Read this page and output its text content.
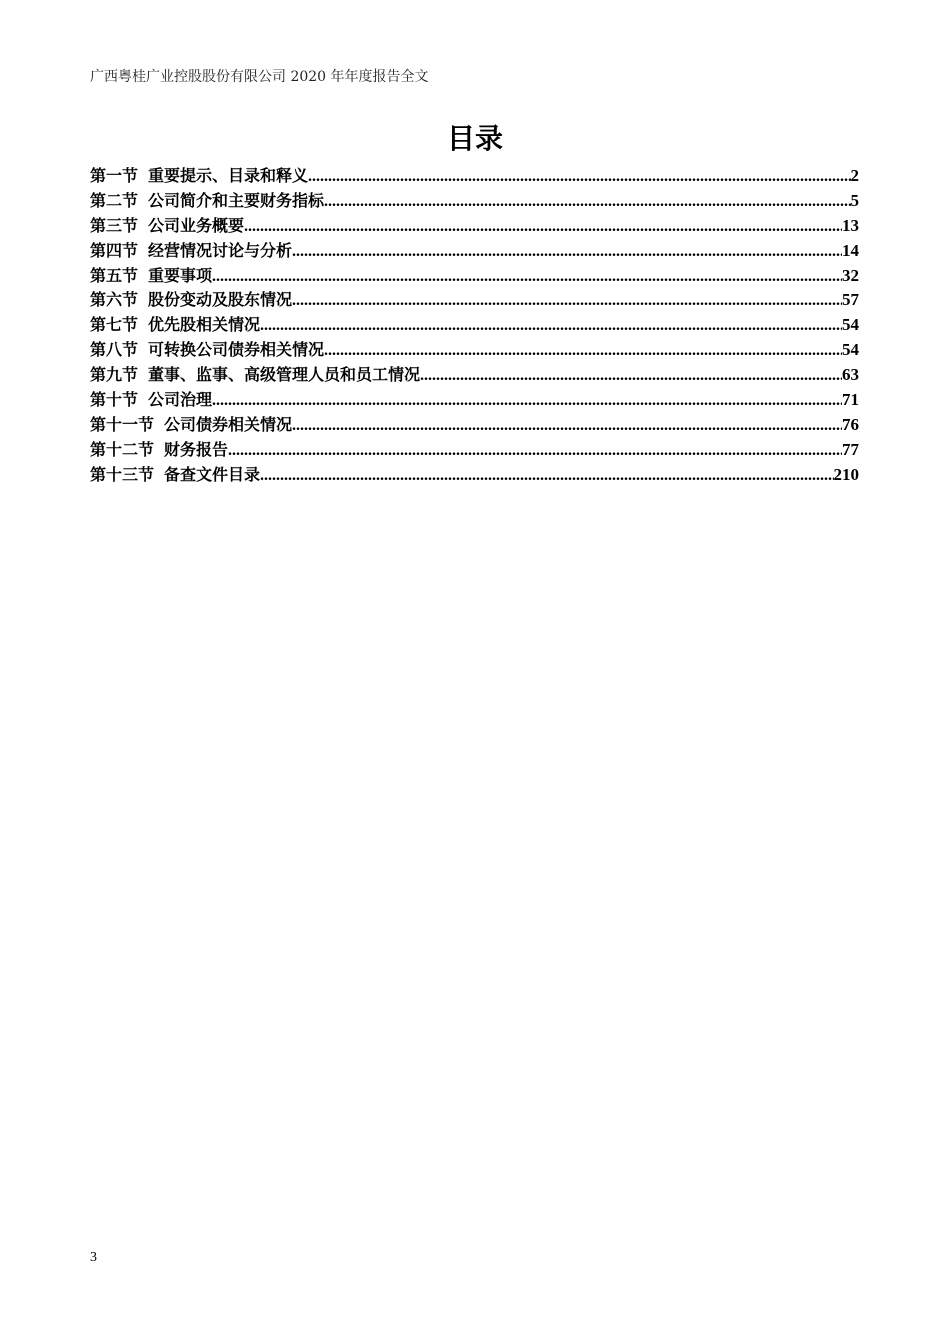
广西粤桂广业控股股份有限公司 2020 年年度报告全文
目录
第一节 重要提示、目录和释义 .....	2
第二节 公司简介和主要财务指标 .....	5
第三节 公司业务概要 .....	13
第四节 经营情况讨论与分析 .....	14
第五节 重要事项 .....	32
第六节 股份变动及股东情况 .....	57
第七节 优先股相关情况 .....	54
第八节 可转换公司债券相关情况 .....	54
第九节 董事、监事、高级管理人员和员工情况 .....	63
第十节 公司治理 .....	71
第十一节 公司债券相关情况 .....	76
第十二节 财务报告 .....	77
第十三节 备查文件目录 .....	210
3
